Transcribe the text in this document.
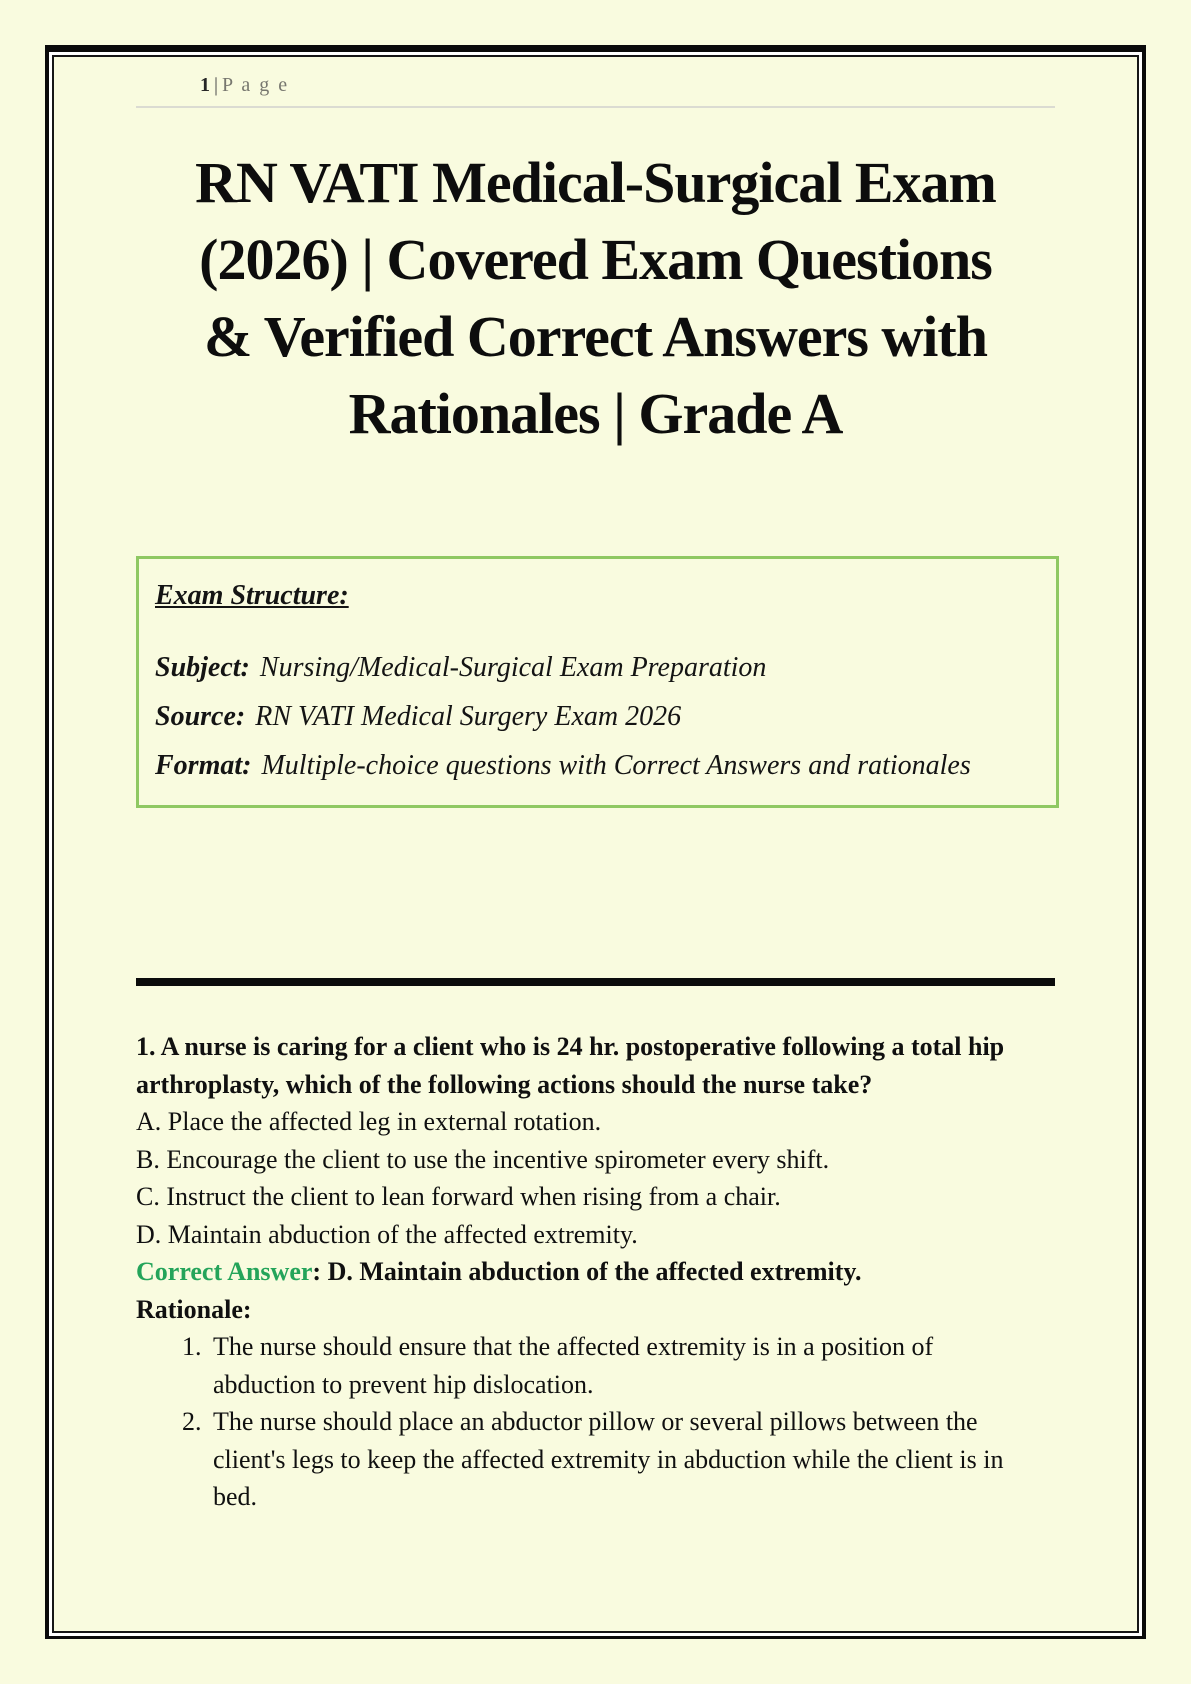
1 | P a g e
RN VATI Medical-Surgical Exam
(2026) | Covered Exam Questions
& Verified Correct Answers with
Rationales | Grade A

Exam Structure:

Subject: Nursing/Medical-Surgical Exam Preparation

Source: RN VATI Medical Surgery Exam 2026

Format: Multiple-choice questions with Correct Answers and rationales

1. A nurse is caring for a client who is 24 hr. postoperative following a total hip arthroplasty, which of the following actions should the nurse take?
A. Place the affected leg in external rotation.
B. Encourage the client to use the incentive spirometer every shift.
C. Instruct the client to lean forward when rising from a chair.
D. Maintain abduction of the affected extremity.
Correct Answer: D. Maintain abduction of the affected extremity.
Rationale:
1. The nurse should ensure that the affected extremity is in a position of abduction to prevent hip dislocation.
2. The nurse should place an abductor pillow or several pillows between the client's legs to keep the affected extremity in abduction while the client is in bed.
